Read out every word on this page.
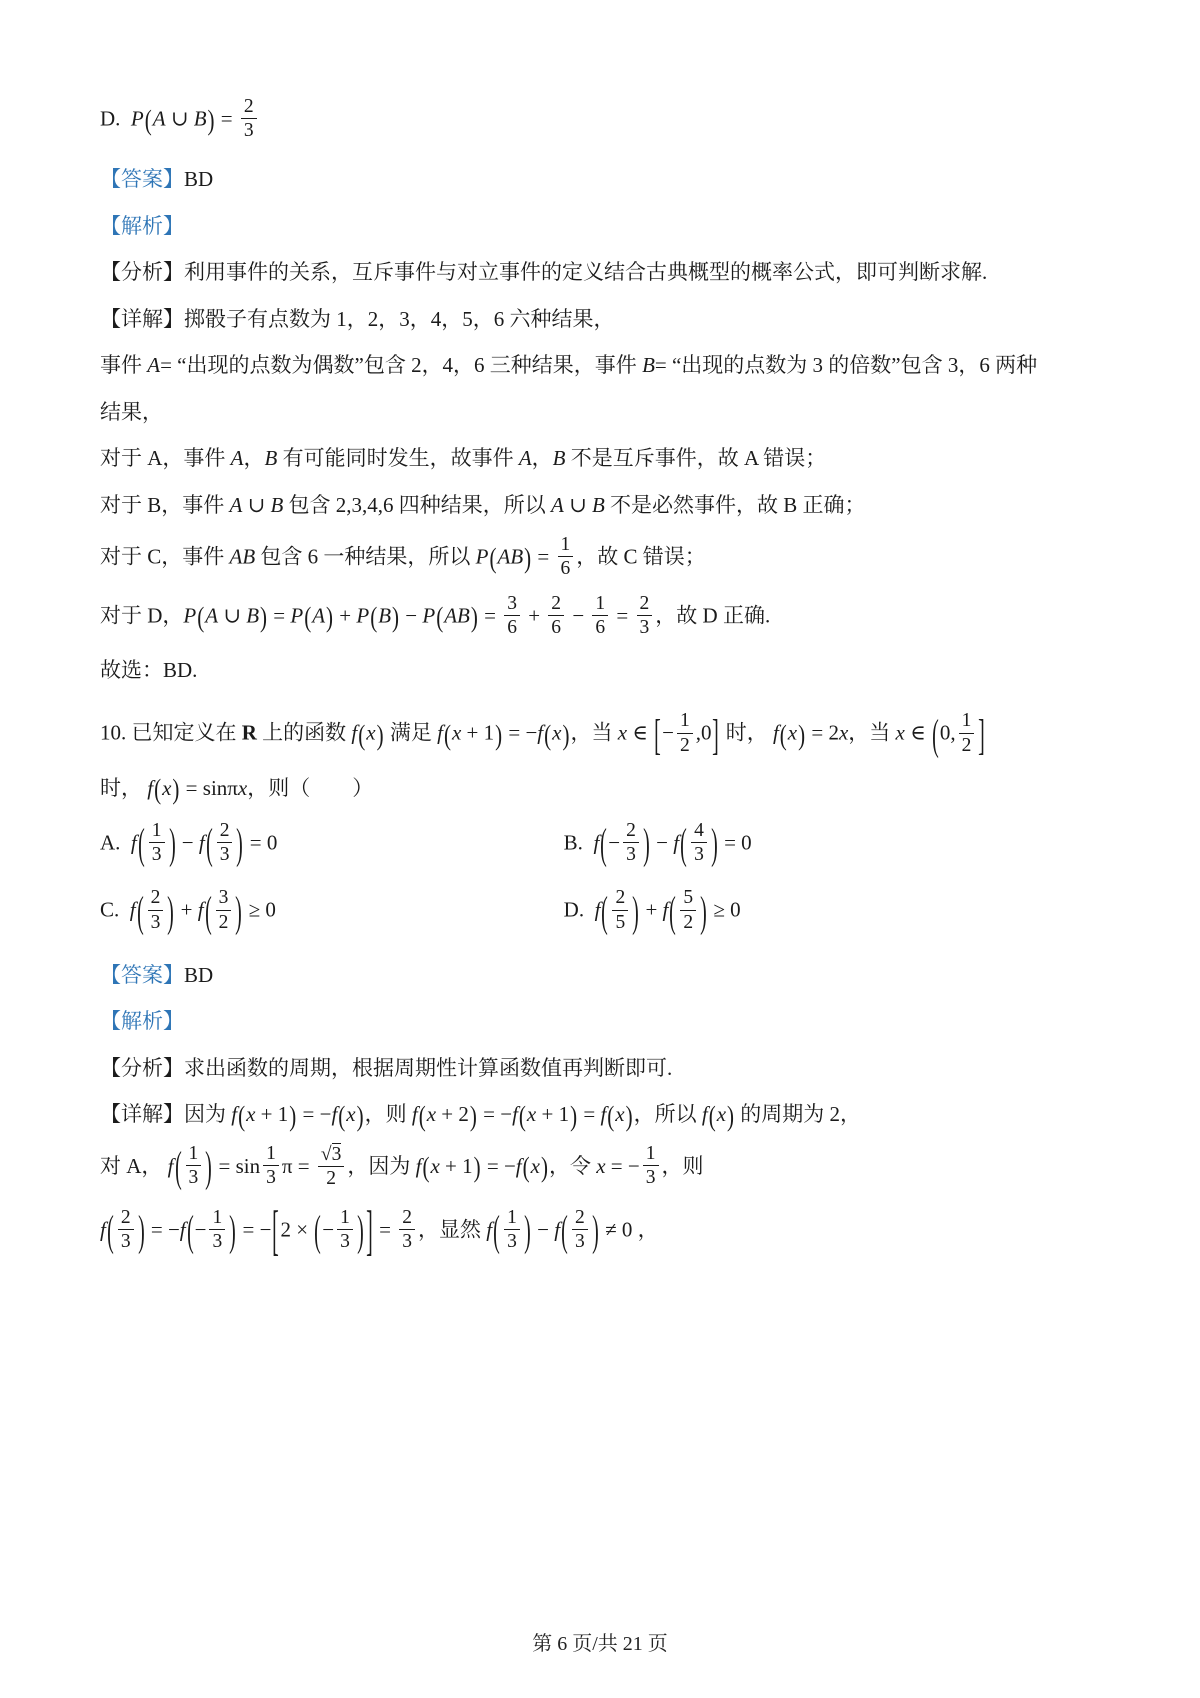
D.  P(A ∪ $B) = \frac{2}{3}$
【答案】BD
【解析】
【分析】利用事件的关系，互斥事件与对立事件的定义结合古典概型的概率公式，即可判断求解.
【详解】掷骰子有点数为 1，2，3，4，5，6 六种结果，
事件 A= “出现的点数为偶数”包含 2，4，6 三种结果，事件 B= “出现的点数为 3 的倍数”包含 3，6 两种
结果，
对于 A，事件 A，B 有可能同时发生，故事件 A，B 不是互斥事件，故 A 错误；
对于 B，事件 A ∪ B 包含 2,3,4,6 四种结果，所以 A ∪ B 不是必然事件，故 B 正确；
对于 C，事件 AB 包含 6 一种结果，所以 $P(AB) = \frac{1}{6}$ ，故 C 错误；
对于 D，P(A ∪ $B) = P(A) + P(B) - P(AB) = \frac{3}{6} + \frac{2}{6} - \frac{1}{6} = \frac{2}{3}$ ，故 D 正确.
故选：BD.
10. 已知定义在 R 上的函数 f(x) 满足 f(x + 1) = −f(x)，当 x ∈ [− $\frac{1}{2} ,0$] 时， f(x) = 2x，当 x ∈ (0, $\frac{1}{2}$ ]
时， f(x) = sinπx，则（　　）
A.  $f( \frac{1}{3}$ ) − $f( \frac{2}{3}$ ) = 0	B.  $f(- \frac{2}{3}$ ) − $f( \frac{4}{3}$ ) = 0
C.  $f( \frac{2}{3}$ ) + $f( \frac{3}{2}$ ) ≥ 0	D.  $f( \frac{2}{5}$ ) + $f( \frac{5}{2}$ ) ≥ 0
【答案】BD
【解析】
【分析】求出函数的周期，根据周期性计算函数值再判断即可.
【详解】因为 f(x + 1) = −f(x)，则 f(x + 2) = −f(x + 1) = f(x)，所以 f(x) 的周期为 2，
对 A， $f( \frac{1}{3}$ ) = $\sin \frac{1}{3}$ $\pi = \frac{√ 3}{2}$ ，因为 f(x + 1) = −f(x)，令 x = − $\frac{1}{3}$ ，则
$f( \frac{2}{3}$ ) = $-f(- \frac{1}{3}$ ) = −[2 × (− $\frac{1}{3}$ ) ] = $\frac{2}{3}$ ，显然 $f( \frac{1}{3}$ ) − $f( \frac{2}{3}$ ) ≠ 0 ，
第 6 页/共 21 页
